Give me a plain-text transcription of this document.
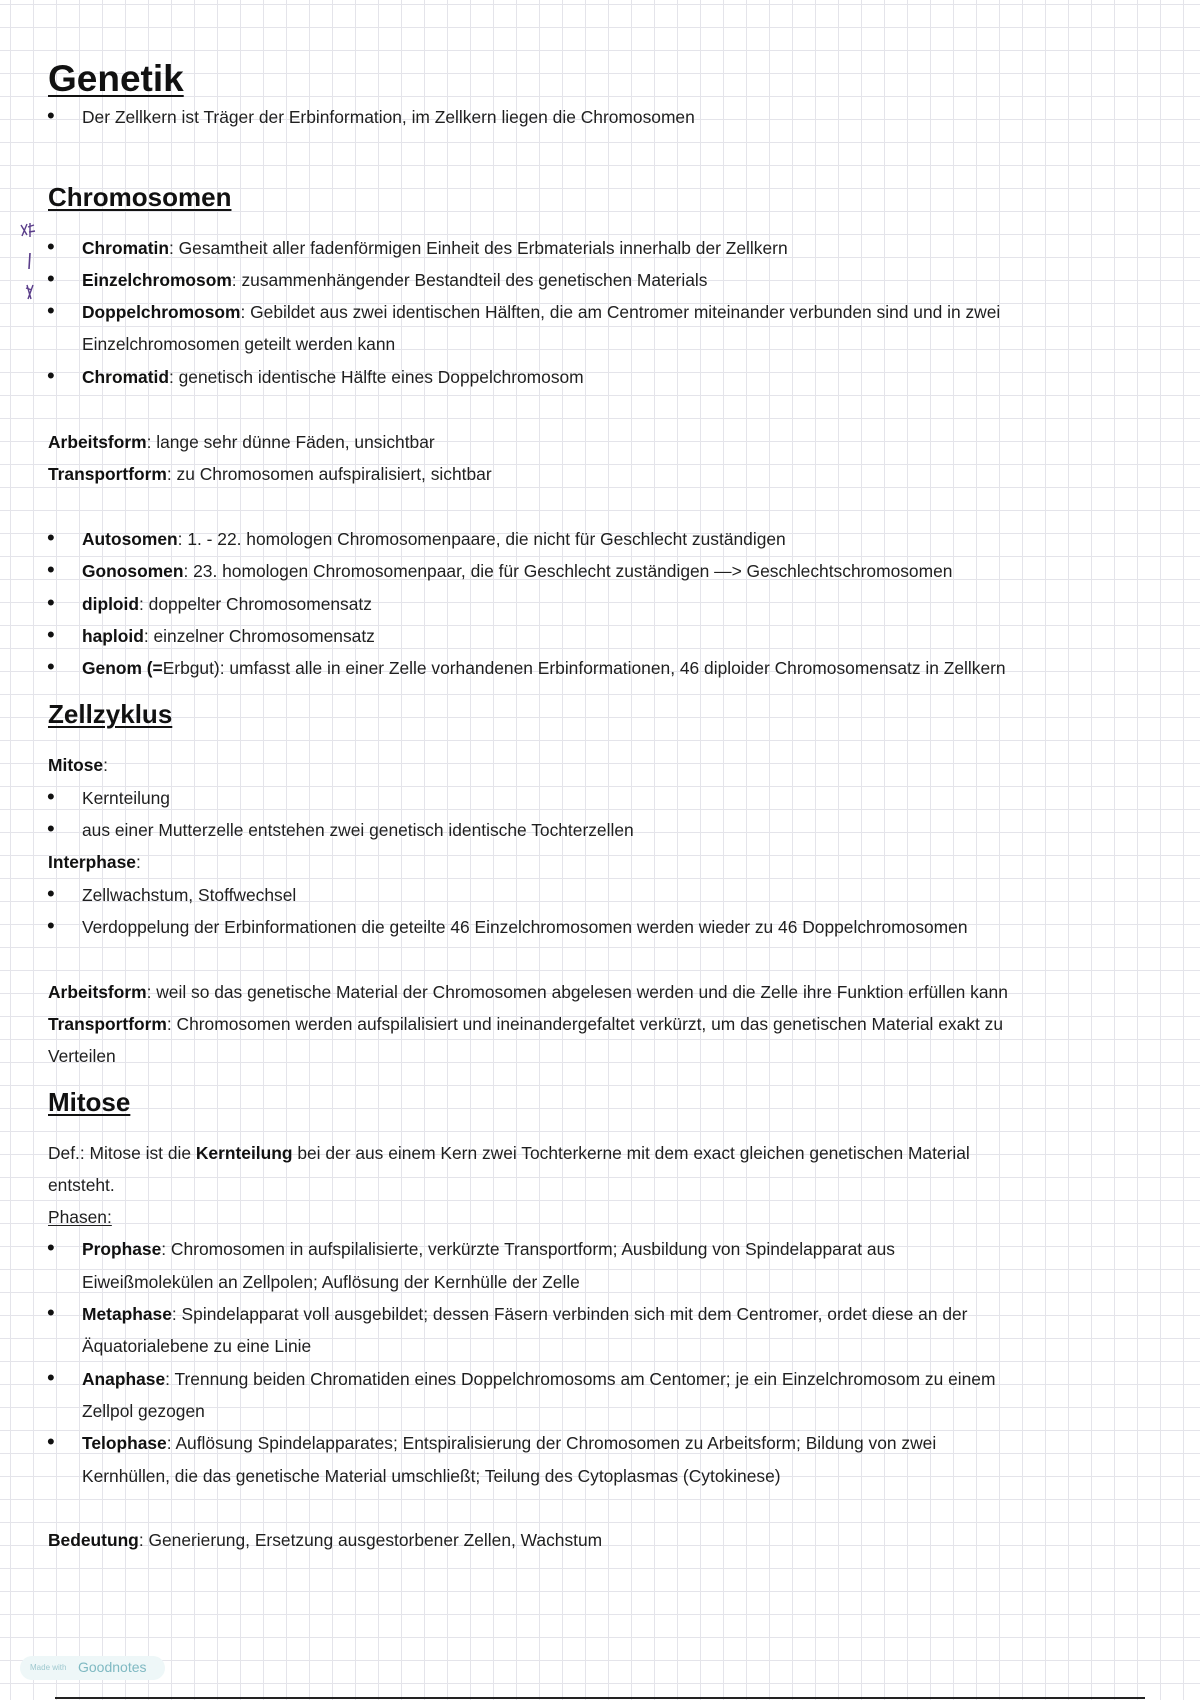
Genetik
• Der Zellkern ist Träger der Erbinformation, im Zellkern liegen die Chromosomen
Chromosomen
• Chromatin: Gesamtheit aller fadenförmigen Einheit des Erbmaterials innerhalb der Zellkern
• Einzelchromosom: zusammenhängender Bestandteil des genetischen Materials
• Doppelchromosom: Gebildet aus zwei identischen Hälften, die am Centromer miteinander verbunden sind und in zwei
Einzelchromosomen geteilt werden kann
• Chromatid: genetisch identische Hälfte eines Doppelchromosom
Arbeitsform: lange sehr dünne Fäden, unsichtbar
Transportform: zu Chromosomen aufspiralisiert, sichtbar
• Autosomen: 1. - 22. homologen Chromosomenpaare, die nicht für Geschlecht zuständigen
• Gonosomen: 23. homologen Chromosomenpaar, die für Geschlecht zuständigen —> Geschlechtschromosomen
• diploid: doppelter Chromosomensatz
• haploid: einzelner Chromosomensatz
• Genom (=Erbgut): umfasst alle in einer Zelle vorhandenen Erbinformationen, 46 diploider Chromosomensatz in Zellkern
Zellzyklus
Mitose:
• Kernteilung
• aus einer Mutterzelle entstehen zwei genetisch identische Tochterzellen
Interphase:
• Zellwachstum, Stoffwechsel
• Verdoppelung der Erbinformationen die geteilte 46 Einzelchromosomen werden wieder zu 46 Doppelchromosomen
Arbeitsform: weil so das genetische Material der Chromosomen abgelesen werden und die Zelle ihre Funktion erfüllen kann
Transportform: Chromosomen werden aufspilalisiert und ineinandergefaltet verkürzt, um das genetischen Material exakt zu
Verteilen
Mitose
Def.: Mitose ist die Kernteilung bei der aus einem Kern zwei Tochterkerne mit dem exact gleichen genetischen Material
entsteht.
Phasen:
• Prophase: Chromosomen in aufspilalisierte, verkürzte Transportform; Ausbildung von Spindelapparat aus
Eiweißmolekülen an Zellpolen; Auflösung der Kernhülle der Zelle
• Metaphase: Spindelapparat voll ausgebildet; dessen Fäsern verbinden sich mit dem Centromer, ordet diese an der
Äquatorialebene zu eine Linie
• Anaphase: Trennung beiden Chromatiden eines Doppelchromosoms am Centomer; je ein Einzelchromosom zu einem
Zellpol gezogen
• Telophase: Auflösung Spindelapparates; Entspiralisierung der Chromosomen zu Arbeitsform; Bildung von zwei
Kernhüllen, die das genetische Material umschließt; Teilung des Cytoplasmas (Cytokinese)
Bedeutung: Generierung, Ersetzung ausgestorbener Zellen, Wachstum
Made with Goodnotes
